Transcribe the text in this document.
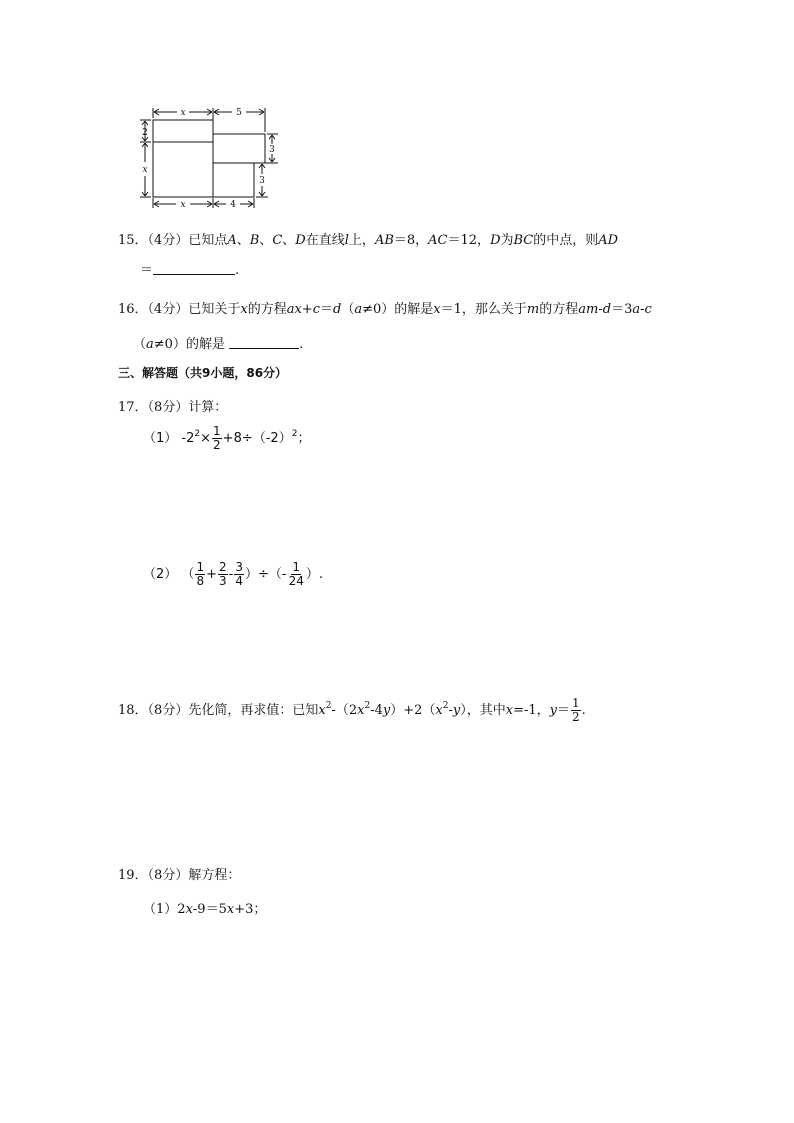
x	5
2
x
3
3
x	4
15．（4分）已知点A、B、C、D在直线l上，AB＝8，AC＝12，D为BC的中点，则AD
＝	.
16．（4分）已知关于x的方程ax+c＝d（a≠0）的解是x＝1，那么关于m的方程am-d＝3a-c
（a≠0）的解是	.
三、解答题（共9小题，86分）
17．（8分）计算：
（1） $-2^2\times \frac{1}{2} +8\div(-2)^2$；
（2） （ $\frac{1}{8} + \frac{2}{3} - \frac{3}{4}$ ）÷（- $\frac{1}{24}$ ）.
18．（8分）先化简，再求值：已知$x^2-(2x^2-4y)+2(x^2-y)$，其中x=-1，$y= \frac{1}{2}$ .
19．（8分）解方程：
（1）2x-9＝5x+3；
